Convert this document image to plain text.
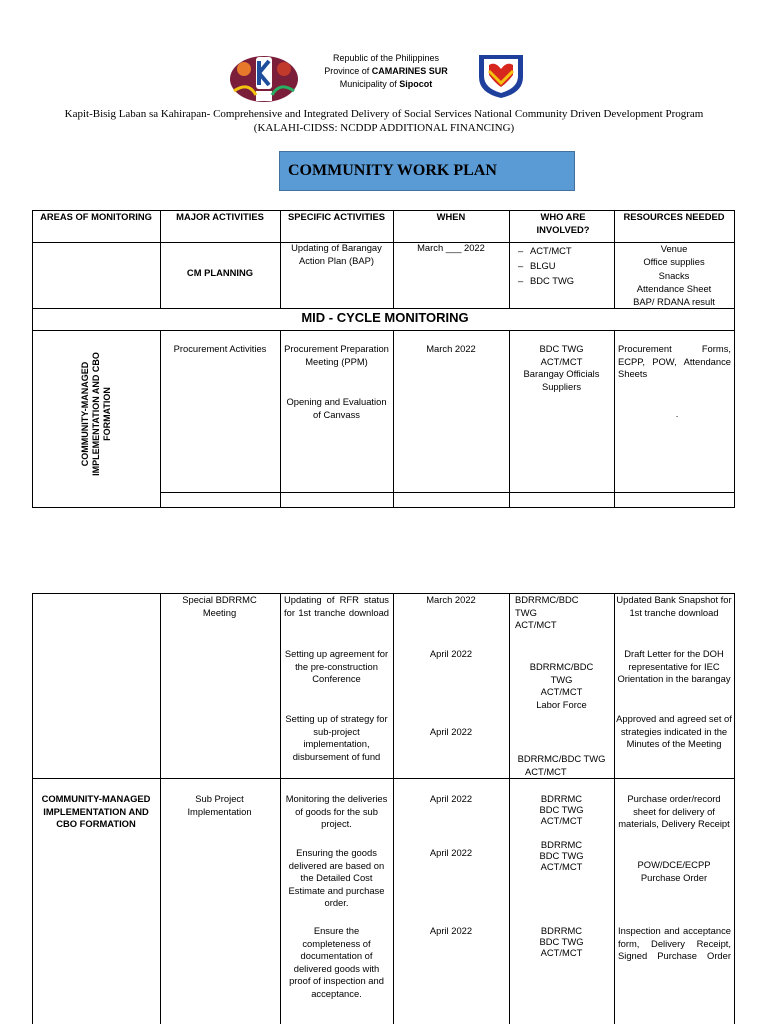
Republic of the Philippines
Province of CAMARINES SUR
Municipality of Sipocot
Kapit-Bisig Laban sa Kahirapan- Comprehensive and Integrated Delivery of Social Services National Community Driven Development Program
(KALAHI-CIDSS: NCDDP ADDITIONAL FINANCING)
COMMUNITY WORK PLAN
AREAS OF MONITORING	MAJOR ACTIVITIES	SPECIFIC ACTIVITIES	WHEN	WHO ARE INVOLVED?
RESOURCES NEEDED
CM PLANNING
Updating of Barangay Action Plan (BAP)
March ___ 2022
–	ACT/MCT
– BLGU
– BDC TWG
Venue
Office supplies
Snacks
Attendance Sheet
BAP/ RDANA result
MID - CYCLE MONITORING
COMMUNITY-MANAGED IMPLEMENTATION AND CBO FORMATION
Procurement Activities	Procurement Preparation Meeting (PPM)
Opening and Evaluation of Canvass
March 2022	BDC TWG
ACT/MCT
Barangay Officials
Suppliers
Procurement Forms, ECPP, POW, Attendance Sheets
.
Special BDRRMC Meeting
Updating of RFR status for 1st tranche download
March 2022	BDRRMC/BDC
TWG
ACT/MCT
Updated Bank Snapshot for 1st tranche download
Setting up agreement for the pre-construction Conference
April 2022
BDRRMC/BDC
TWG
ACT/MCT
Labor Force
Draft Letter for the DOH representative for IEC Orientation in the barangay
Setting up of strategy for sub-project implementation, disbursement of fund
April 2022
BDRRMC/BDC TWG
ACT/MCT
Approved and agreed set of strategies indicated in the Minutes of the Meeting
COMMUNITY-MANAGED IMPLEMENTATION AND CBO FORMATION
Sub Project Implementation
Monitoring the deliveries of goods for the sub project.
April 2022	BDRRMC
BDC TWG
ACT/MCT
Purchase order/record sheet for delivery of materials, Delivery Receipt
Ensuring the goods delivered are based on the Detailed Cost Estimate and purchase order.
April 2022
BDRRMC
BDC TWG
ACT/MCT	POW/DCE/ECPP
Purchase Order
Ensure the completeness of documentation of delivered goods with proof of inspection and acceptance.
April 2022	BDRRMC
BDC TWG
ACT/MCT
Inspection and acceptance form, Delivery Receipt, Signed Purchase Order
